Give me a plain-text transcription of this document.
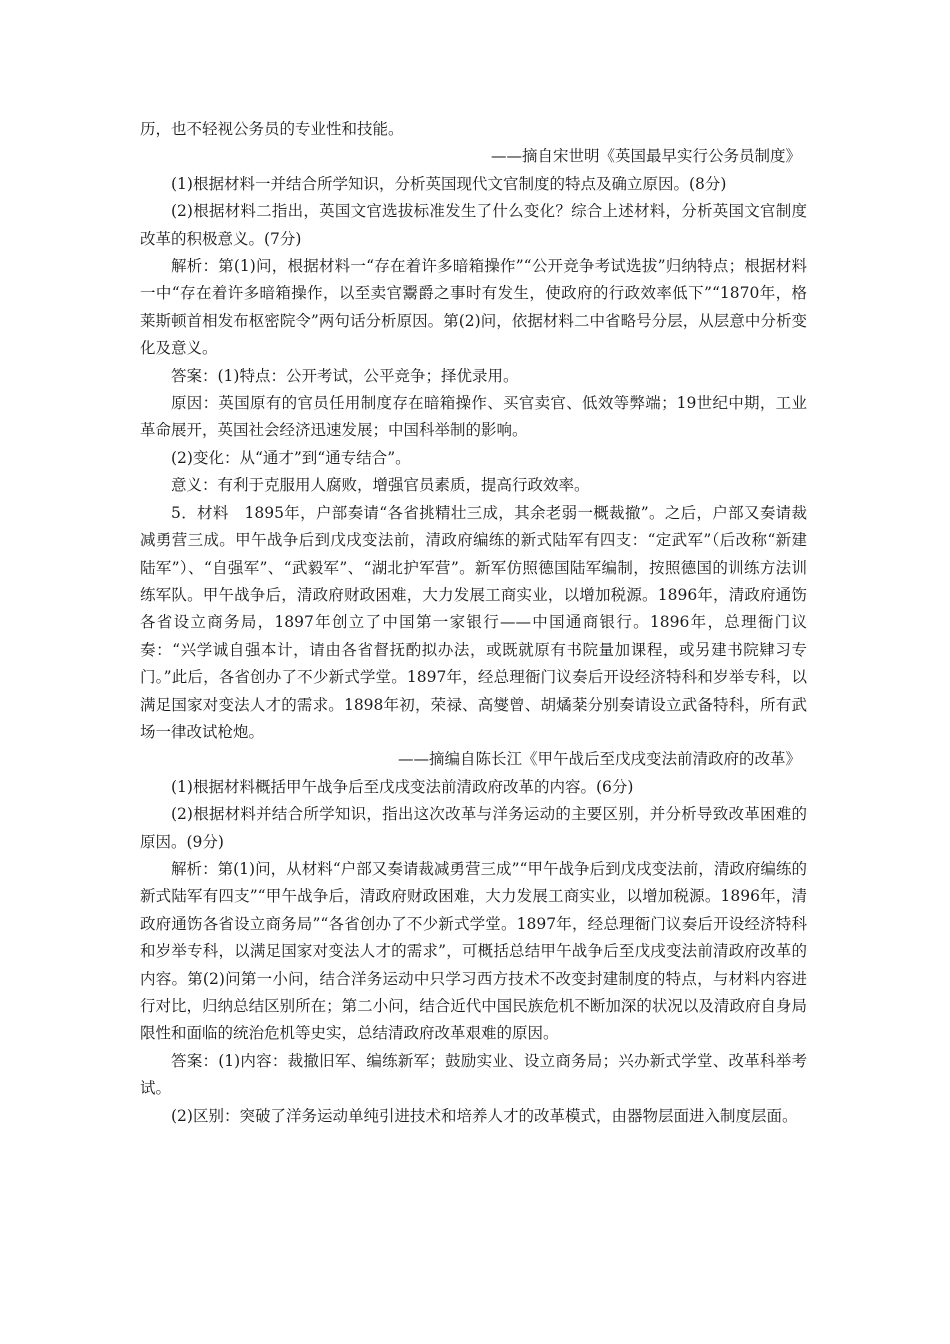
历，也不轻视公务员的专业性和技能。

——摘自宋世明《英国最早实行公务员制度》

(1)根据材料一并结合所学知识，分析英国现代文官制度的特点及确立原因。(8分)

(2)根据材料二指出，英国文官选拔标准发生了什么变化？综合上述材料，分析英国文官制度改革的积极意义。(7分)

解析：第(1)问，根据材料一“存在着许多暗箱操作”“公开竞争考试选拔”归纳特点；根据材料一中“存在着许多暗箱操作，以至卖官鬻爵之事时有发生，使政府的行政效率低下”“1870年，格莱斯顿首相发布枢密院令”两句话分析原因。第(2)问，依据材料二中省略号分层，从层意中分析变化及意义。

答案：(1)特点：公开考试，公平竞争；择优录用。

原因：英国原有的官员任用制度存在暗箱操作、买官卖官、低效等弊端；19世纪中期，工业革命展开，英国社会经济迅速发展；中国科举制的影响。

(2)变化：从“通才”到“通专结合”。

意义：有利于克服用人腐败，增强官员素质，提高行政效率。

5．材料　1895年，户部奏请“各省挑精壮三成，其余老弱一概裁撤”。之后，户部又奏请裁减勇营三成。甲午战争后到戊戌变法前，清政府编练的新式陆军有四支：“定武军”（后改称“新建陆军”）、“自强军”、“武毅军”、“湖北护军营”。新军仿照德国陆军编制，按照德国的训练方法训练军队。甲午战争后，清政府财政困难，大力发展工商实业，以增加税源。1896年，清政府通饬各省设立商务局，1897年创立了中国第一家银行——中国通商银行。1896年，总理衙门议奏：“兴学诚自强本计，请由各省督抚酌拟办法，或既就原有书院量加课程，或另建书院肄习专门。”此后，各省创办了不少新式学堂。1897年，经总理衙门议奏后开设经济特科和岁举专科，以满足国家对变法人才的需求。1898年初，荣禄、高燮曾、胡燏棻分别奏请设立武备特科，所有武场一律改试枪炮。

——摘编自陈长江《甲午战后至戊戌变法前清政府的改革》

(1)根据材料概括甲午战争后至戊戌变法前清政府改革的内容。(6分)

(2)根据材料并结合所学知识，指出这次改革与洋务运动的主要区别，并分析导致改革困难的原因。(9分)

解析：第(1)问，从材料“户部又奏请裁减勇营三成”“甲午战争后到戊戌变法前，清政府编练的新式陆军有四支”“甲午战争后，清政府财政困难，大力发展工商实业，以增加税源。1896年，清政府通饬各省设立商务局”“各省创办了不少新式学堂。1897年，经总理衙门议奏后开设经济特科和岁举专科，以满足国家对变法人才的需求”，可概括总结甲午战争后至戊戌变法前清政府改革的内容。第(2)问第一小问，结合洋务运动中只学习西方技术不改变封建制度的特点，与材料内容进行对比，归纳总结区别所在；第二小问，结合近代中国民族危机不断加深的状况以及清政府自身局限性和面临的统治危机等史实，总结清政府改革艰难的原因。

答案：(1)内容：裁撤旧军、编练新军；鼓励实业、设立商务局；兴办新式学堂、改革科举考试。

(2)区别：突破了洋务运动单纯引进技术和培养人才的改革模式，由器物层面进入制度层面。
